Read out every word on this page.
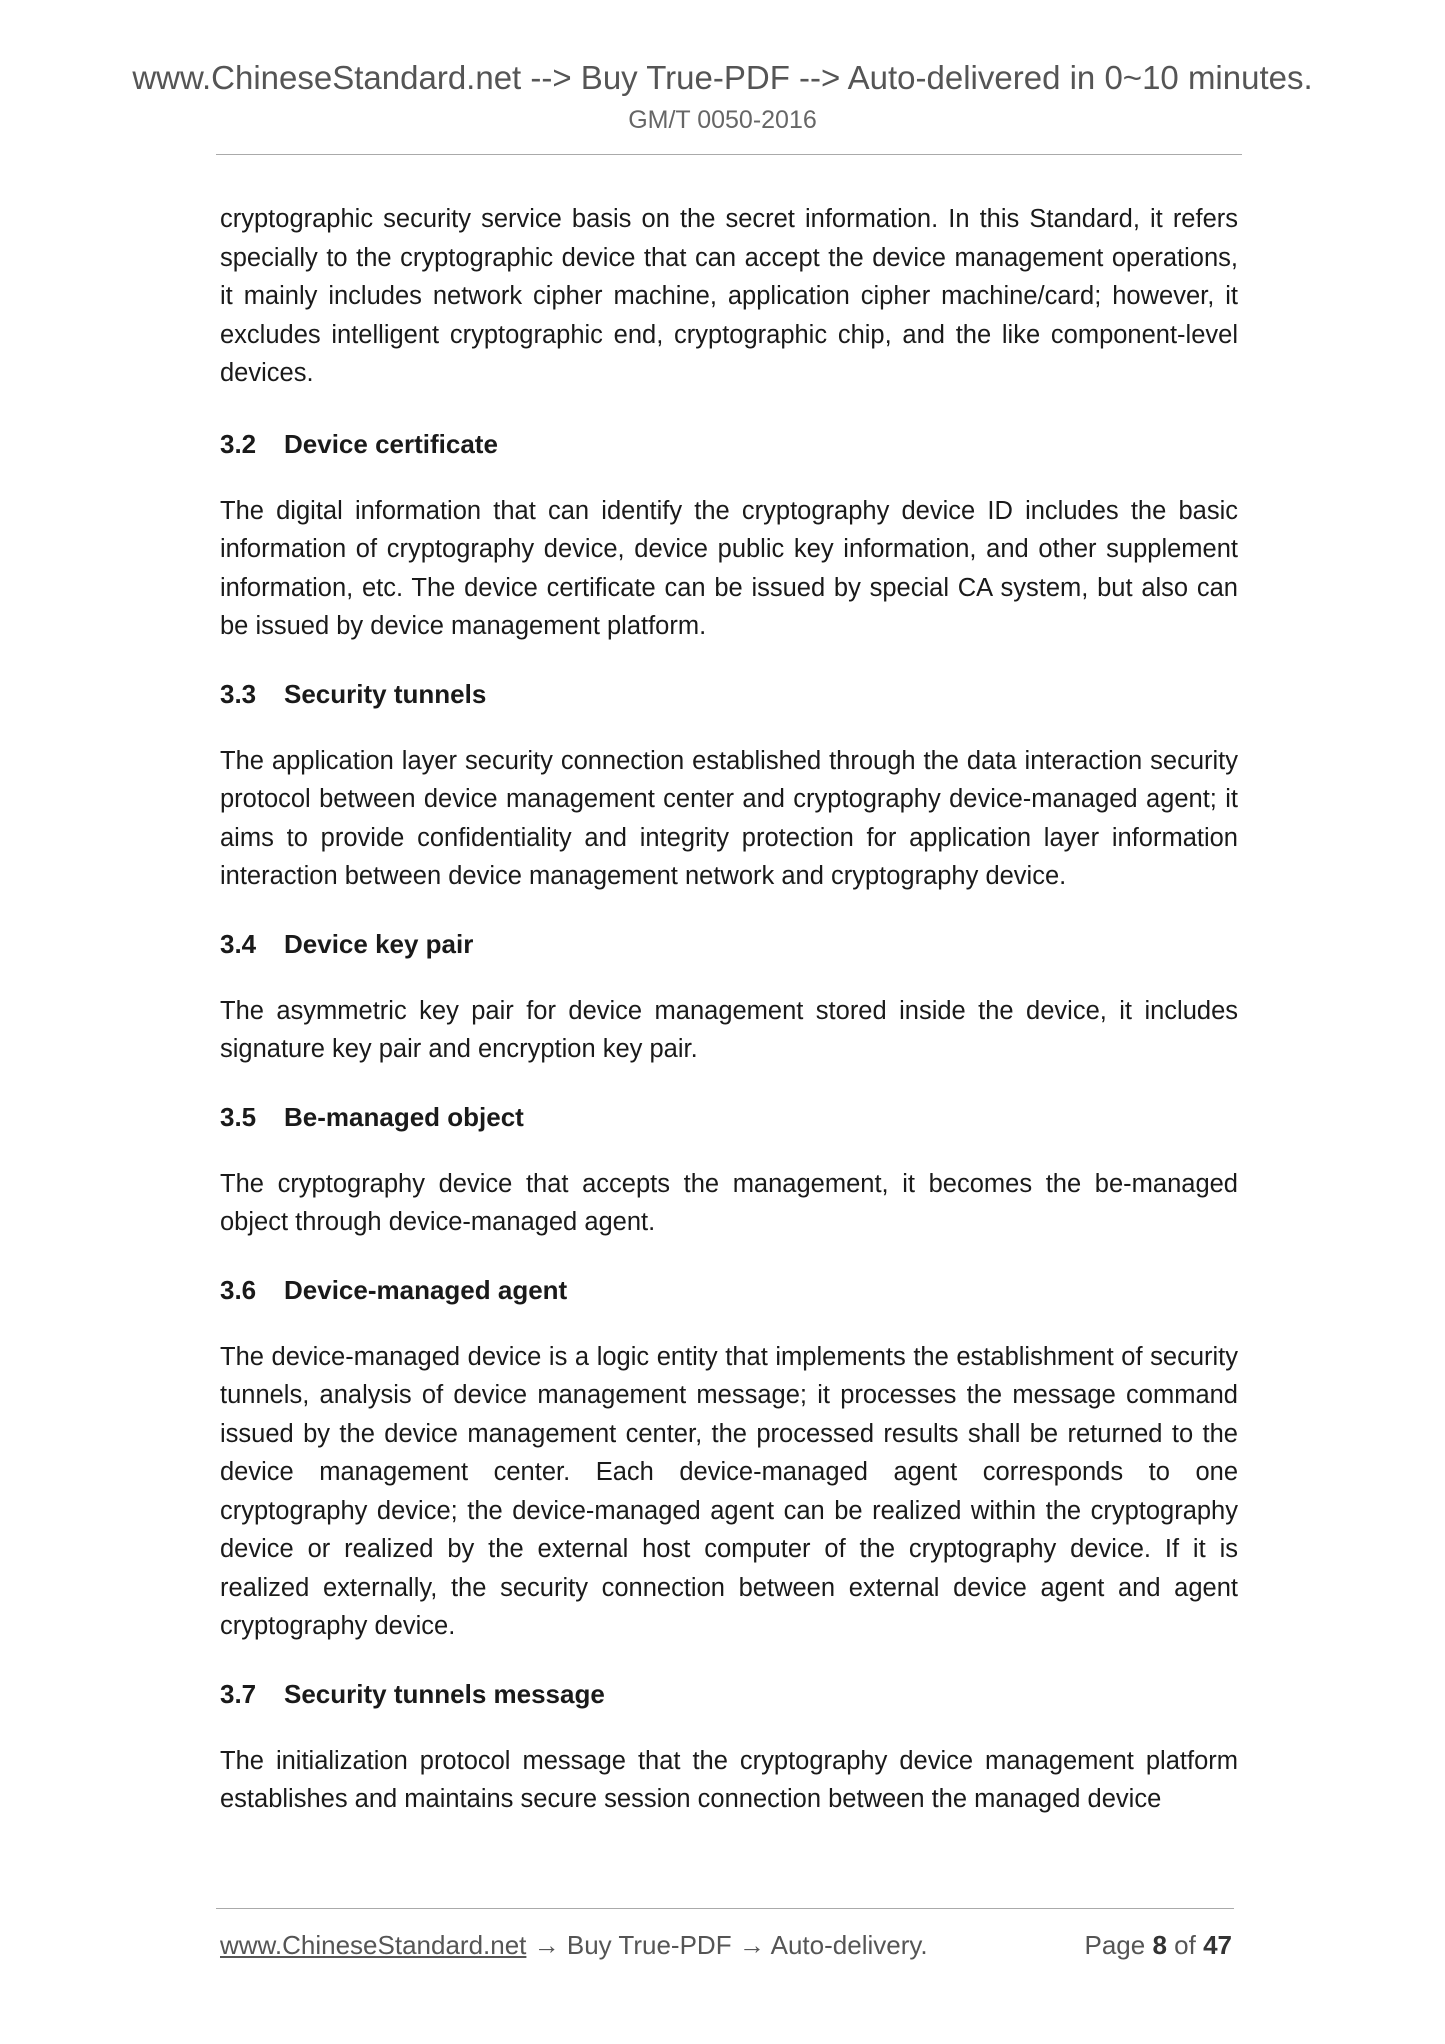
www.ChineseStandard.net --> Buy True-PDF --> Auto-delivered in 0~10 minutes.
GM/T 0050-2016

cryptographic security service basis on the secret information. In this Standard, it refers specially to the cryptographic device that can accept the device management operations, it mainly includes network cipher machine, application cipher machine/card; however, it excludes intelligent cryptographic end, cryptographic chip, and the like component-level devices.

3.2	Device certificate

The digital information that can identify the cryptography device ID includes the basic information of cryptography device, device public key information, and other supplement information, etc. The device certificate can be issued by special CA system, but also can be issued by device management platform.

3.3	Security tunnels

The application layer security connection established through the data interaction security protocol between device management center and cryptography device-managed agent; it aims to provide confidentiality and integrity protection for application layer information interaction between device management network and cryptography device.

3.4	Device key pair

The asymmetric key pair for device management stored inside the device, it includes signature key pair and encryption key pair.

3.5	Be-managed object

The cryptography device that accepts the management, it becomes the be-managed object through device-managed agent.

3.6	Device-managed agent

The device-managed device is a logic entity that implements the establishment of security tunnels, analysis of device management message; it processes the message command issued by the device management center, the processed results shall be returned to the device management center. Each device-managed agent corresponds to one cryptography device; the device-managed agent can be realized within the cryptography device or realized by the external host computer of the cryptography device. If it is realized externally, the security connection between external device agent and agent cryptography device.

3.7	Security tunnels message

The initialization protocol message that the cryptography device management platform establishes and maintains secure session connection between the managed device

www.ChineseStandard.net → Buy True-PDF → Auto-delivery.	Page 8 of 47
